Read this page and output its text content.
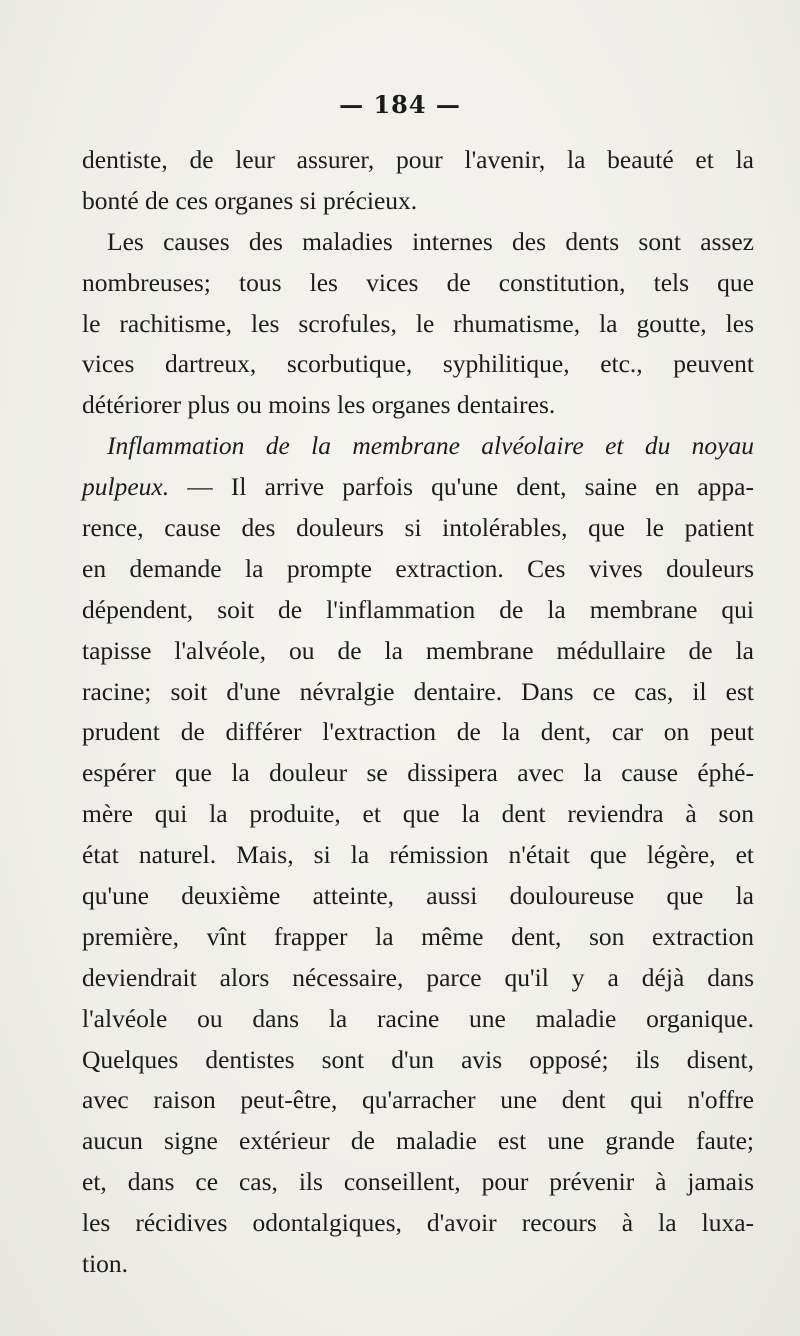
— 184 —
dentiste, de leur assurer, pour l'avenir, la beauté et la
bonté de ces organes si précieux.
Les causes des maladies internes des dents sont assez
nombreuses; tous les vices de constitution, tels que
le rachitisme, les scrofules, le rhumatisme, la goutte, les
vices dartreux, scorbutique, syphilitique, etc., peuvent
détériorer plus ou moins les organes dentaires.
Inflammation de la membrane alvéolaire et du noyau
pulpeux. — Il arrive parfois qu'une dent, saine en appa-
rence, cause des douleurs si intolérables, que le patient
en demande la prompte extraction. Ces vives douleurs
dépendent, soit de l'inflammation de la membrane qui
tapisse l'alvéole, ou de la membrane médullaire de la
racine; soit d'une névralgie dentaire. Dans ce cas, il est
prudent de différer l'extraction de la dent, car on peut
espérer que la douleur se dissipera avec la cause éphé-
mère qui la produite, et que la dent reviendra à son
état naturel. Mais, si la rémission n'était que légère, et
qu'une deuxième atteinte, aussi douloureuse que la
première, vînt frapper la même dent, son extraction
deviendrait alors nécessaire, parce qu'il y a déjà dans
l'alvéole ou dans la racine une maladie organique.
Quelques dentistes sont d'un avis opposé; ils disent,
avec raison peut-être, qu'arracher une dent qui n'offre
aucun signe extérieur de maladie est une grande faute;
et, dans ce cas, ils conseillent, pour prévenir à jamais
les récidives odontalgiques, d'avoir recours à la luxa-
tion.
